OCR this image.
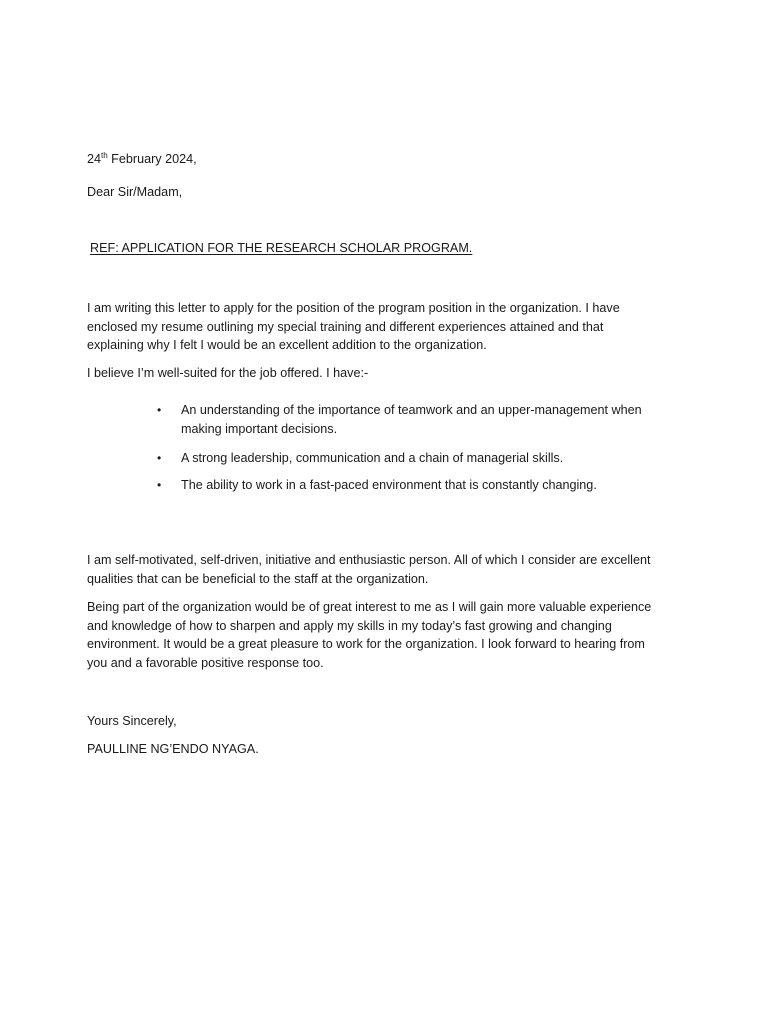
24th February 2024,

Dear Sir/Madam,

REF: APPLICATION FOR THE RESEARCH SCHOLAR PROGRAM.

I am writing this letter to apply for the position of the program position in the organization. I have
enclosed my resume outlining my special training and different experiences attained and that
explaining why I felt I would be an excellent addition to the organization.

I believe I’m well-suited for the job offered. I have:-

• An understanding of the importance of teamwork and an upper-management when
making important decisions.
• A strong leadership, communication and a chain of managerial skills.
• The ability to work in a fast-paced environment that is constantly changing.

I am self-motivated, self-driven, initiative and enthusiastic person. All of which I consider are excellent
qualities that can be beneficial to the staff at the organization.

Being part of the organization would be of great interest to me as I will gain more valuable experience
and knowledge of how to sharpen and apply my skills in my today’s fast growing and changing
environment. It would be a great pleasure to work for the organization. I look forward to hearing from
you and a favorable positive response too.

Yours Sincerely,

PAULLINE NG’ENDO NYAGA.
